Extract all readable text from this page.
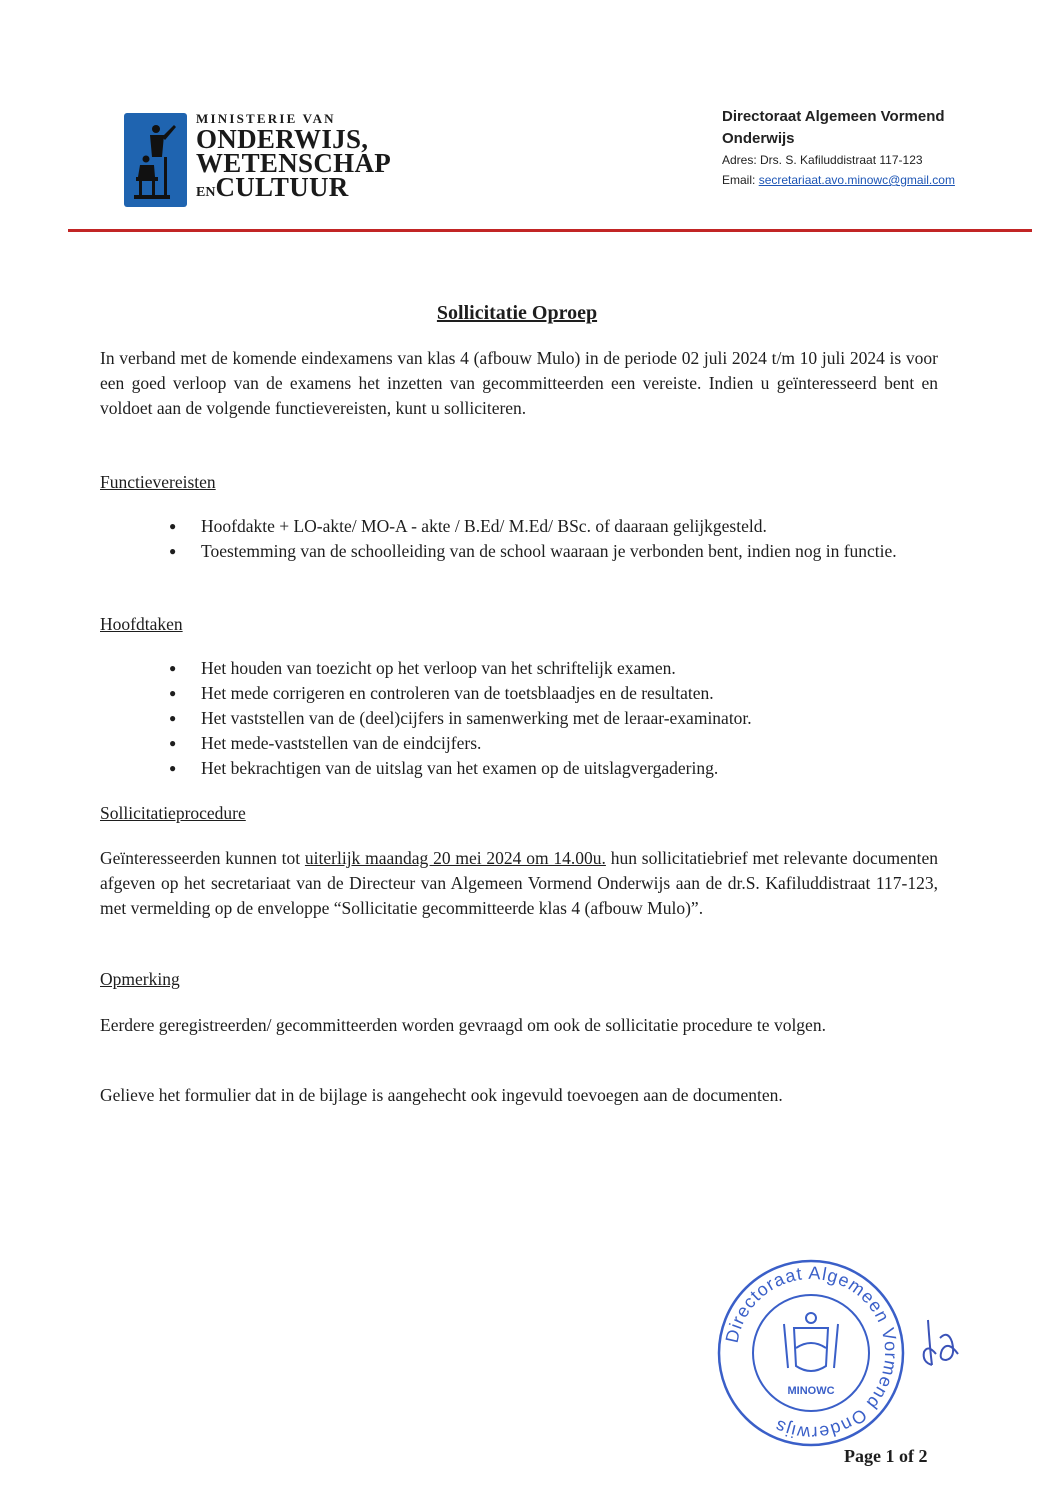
MINISTERIE VAN
ONDERWIJS,
WETENSCHAP
ENCULTUUR
Directoraat Algemeen Vormend
Onderwijs
Adres: Drs. S. Kafiluddistraat 117-123
Email: secretariaat.avo.minowc@gmail.com
Sollicitatie Oproep
In verband met de komende eindexamens van klas 4 (afbouw Mulo) in de periode 02 juli 2024 t/m 10 juli 2024 is voor een goed verloop van de examens het inzetten van gecommitteerden een vereiste. Indien u geïnteresseerd bent en voldoet aan de volgende functievereisten, kunt u solliciteren.
Functievereisten
● Hoofdakte + LO-akte/ MO-A - akte / B.Ed/ M.Ed/ BSc. of daaraan gelijkgesteld.
● Toestemming van de schoolleiding van de school waaraan je verbonden bent, indien nog in functie.
Hoofdtaken
● Het houden van toezicht op het verloop van het schriftelijk examen.
● Het mede corrigeren en controleren van de toetsblaadjes en de resultaten.
● Het vaststellen van de (deel)cijfers in samenwerking met de leraar-examinator.
● Het mede-vaststellen van de eindcijfers.
● Het bekrachtigen van de uitslag van het examen op de uitslagvergadering.
Sollicitatieprocedure
Geïnteresseerden kunnen tot uiterlijk maandag 20 mei 2024 om 14.00u. hun sollicitatiebrief met relevante documenten afgeven op het secretariaat van de Directeur van Algemeen Vormend Onderwijs aan de dr.S. Kafiluddistraat 117-123, met vermelding op de enveloppe “Sollicitatie gecommitteerde klas 4 (afbouw Mulo)”.
Opmerking
Eerdere geregistreerden/ gecommitteerden worden gevraagd om ook de sollicitatie procedure te volgen.
Gelieve het formulier dat in de bijlage is aangehecht ook ingevuld toevoegen aan de documenten.
Directoraat Algemeen Vormend Onderwijs
MINOWC
Page 1 of 2
